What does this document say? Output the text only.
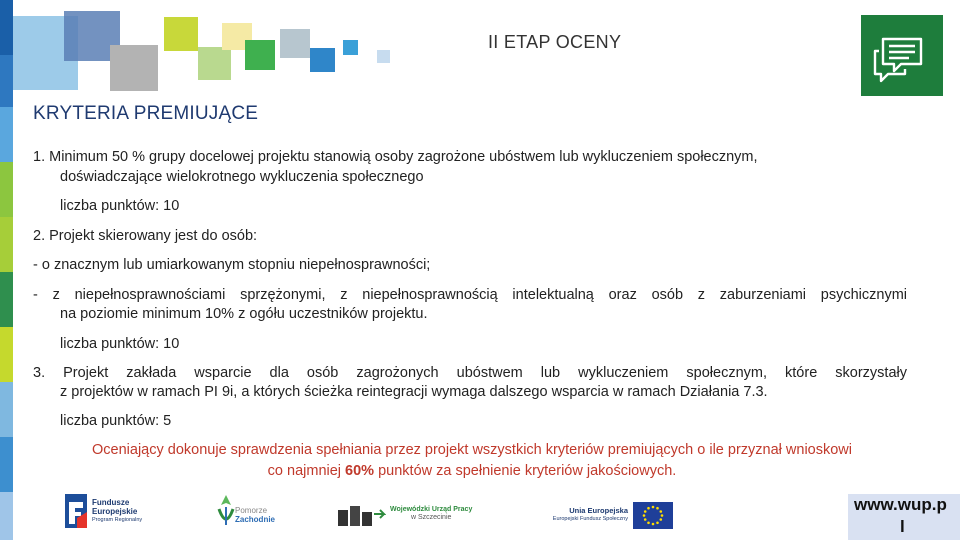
II ETAP OCENY
KRYTERIA PREMIUJĄCE
1. Minimum 50 % grupy docelowej projektu stanowią osoby zagrożone ubóstwem lub wykluczeniem społecznym,
doświadczające wielokrotnego wykluczenia społecznego
liczba punktów: 10
2. Projekt skierowany jest do osób:
- o znacznym lub umiarkowanym stopniu niepełnosprawności;
- z niepełnosprawnościami sprzężonymi, z niepełnosprawnością intelektualną oraz osób z zaburzeniami psychicznymi
na poziomie minimum 10% z ogółu uczestników projektu.
liczba punktów: 10
3. Projekt zakłada wsparcie dla osób zagrożonych ubóstwem lub wykluczeniem społecznym, które skorzystały
z projektów w ramach PI 9i, a których ścieżka reintegracji wymaga dalszego wsparcia w ramach Działania 7.3.
liczba punktów: 5
Oceniający dokonuje sprawdzenia spełniania przez projekt wszystkich kryteriów premiujących o ile przyznał wnioskowi
co najmniej 60% punktów za spełnienie kryteriów jakościowych.
Fundusze
Europejskie
Program Regionalny
Pomorze
Zachodnie
Wojewódzki Urząd Pracy
w Szczecinie
Unia Europejska
Europejski Fundusz Społeczny
www.wup.p
l
